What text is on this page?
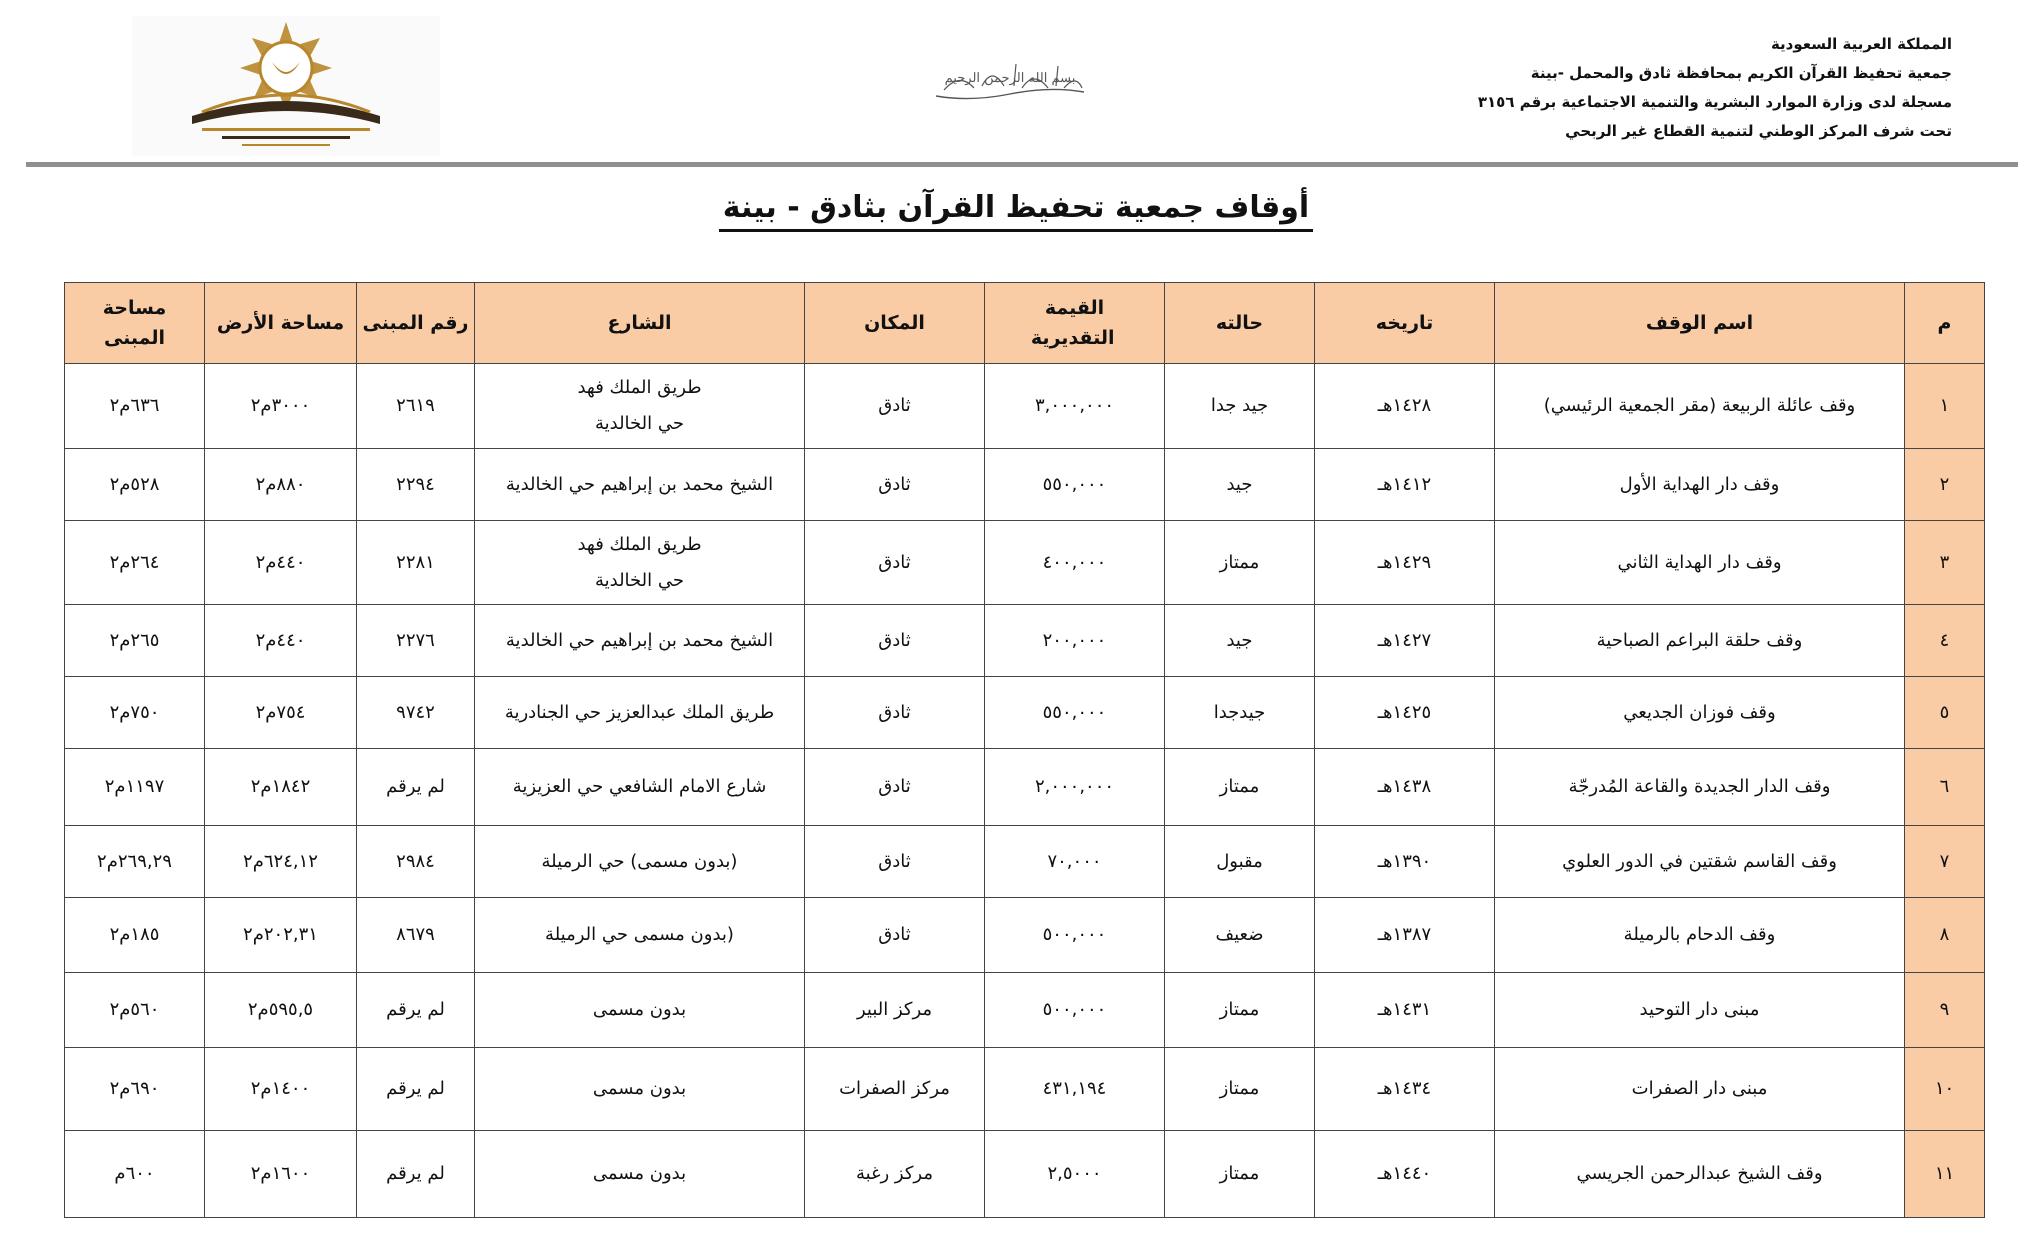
المملكة العربية السعودية
جمعية تحفيظ القرآن الكريم بمحافظة ثادق والمحمل -بينة
مسجلة لدى وزارة الموارد البشرية والتنمية الاجتماعية برقم ٣١٥٦
تحت شرف المركز الوطني لتنمية القطاع غير الربحي
بسم الله الرحمن الرحيم
أوقاف جمعية تحفيظ القرآن بثادق - بينة
م	اسم الوقف	تاريخه	حالته	القيمة التقديرية	المكان	الشارع	رقم المبنى	مساحة الأرض	مساحة المبنى
١	وقف عائلة الربيعة (مقر الجمعية الرئيسي)	١٤٢٨هـ	جيد جدا	٣,٠٠٠,٠٠٠	ثادق	طريق الملك فهد
حي الخالدية	٢٦١٩	٣٠٠٠م٢	٦٣٦م٢
٢	وقف دار الهداية الأول	١٤١٢هـ	جيد	٥٥٠,٠٠٠	ثادق	الشيخ محمد بن إبراهيم حي الخالدية	٢٢٩٤	٨٨٠م٢	٥٢٨م٢
٣	وقف دار الهداية الثاني	١٤٢٩هـ	ممتاز	٤٠٠,٠٠٠	ثادق	طريق الملك فهد
حي الخالدية	٢٢٨١	٤٤٠م٢	٢٦٤م٢
٤	وقف حلقة البراعم الصباحية	١٤٢٧هـ	جيد	٢٠٠,٠٠٠	ثادق	الشيخ محمد بن إبراهيم حي الخالدية	٢٢٧٦	٤٤٠م٢	٢٦٥م٢
٥	وقف فوزان الجديعي	١٤٢٥هـ	جيدجدا	٥٥٠,٠٠٠	ثادق	طريق الملك عبدالعزيز حي الجنادرية	٩٧٤٢	٧٥٤م٢	٧٥٠م٢
٦	وقف الدار الجديدة والقاعة المُدرجّة	١٤٣٨هـ	ممتاز	٢,٠٠٠,٠٠٠	ثادق	شارع الامام الشافعي حي العزيزية	لم يرقم	١٨٤٢م٢	١١٩٧م٢
٧	وقف القاسم شقتين في الدور العلوي	١٣٩٠هـ	مقبول	٧٠,٠٠٠	ثادق	(بدون مسمى) حي الرميلة	٢٩٨٤	٦٢٤,١٢م٢	٢٦٩,٢٩م٢
٨	وقف الدحام بالرميلة	١٣٨٧هـ	ضعيف	٥٠٠,٠٠٠	ثادق	(بدون مسمى حي الرميلة	٨٦٧٩	٢٠٢,٣١م٢	١٨٥م٢
٩	مبنى دار التوحيد	١٤٣١هـ	ممتاز	٥٠٠,٠٠٠	مركز البير	بدون مسمى	لم يرقم	٥٩٥,٥م٢	٥٦٠م٢
١٠	مبنى دار الصفرات	١٤٣٤هـ	ممتاز	٤٣١,١٩٤	مركز الصفرات	بدون مسمى	لم يرقم	١٤٠٠م٢	٦٩٠م٢
١١	وقف الشيخ عبدالرحمن الجريسي	١٤٤٠هـ	ممتاز	٢,٥٠٠٠	مركز رغبة	بدون مسمى	لم يرقم	١٦٠٠م٢	٦٠٠م
